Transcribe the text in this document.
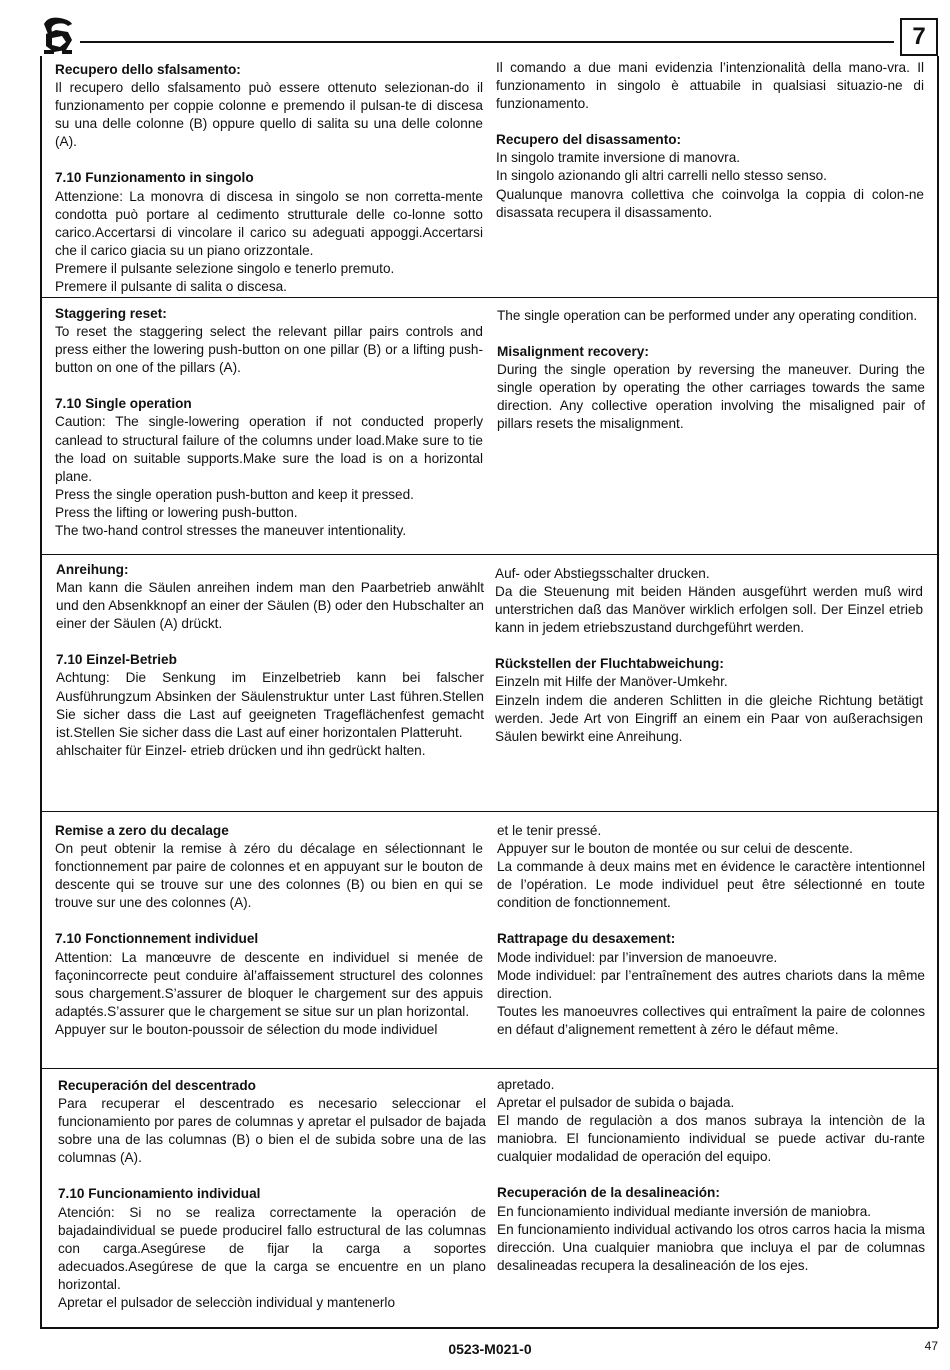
7

Recupero dello sfalsamento:

Il recupero dello sfalsamento può essere ottenuto selezionan-do il funzionamento per coppie colonne e premendo il pulsan-te di discesa su una delle colonne (B) oppure quello di salita su una delle colonne (A).

7.10 Funzionamento in singolo

Attenzione: La monovra di discesa in singolo se non corretta-mente condotta può portare al cedimento strutturale delle co-lonne sotto carico.Accertarsi di vincolare il carico su adeguati appoggi.Accertarsi che il carico giacia su un piano orizzontale.

Premere il pulsante selezione singolo e tenerlo premuto.

Premere il pulsante di salita o discesa.

Il comando a due mani evidenzia l’intenzionalità della mano-vra. Il funzionamento in singolo è attuabile in qualsiasi situazio-ne di funzionamento.

Recupero del disassamento:

In singolo tramite inversione di manovra.

In singolo azionando gli altri carrelli nello stesso senso.

Qualunque manovra collettiva che coinvolga la coppia di colon-ne disassata recupera il disassamento.

Staggering reset:

To reset the staggering select the relevant pillar pairs controls and press either the lowering push-button on one pillar (B) or a lifting push-button on one of the pillars (A).

7.10 Single operation

Caution: The single-lowering operation if not conducted properly canlead to structural failure of the columns under load.Make sure to tie the load on suitable supports.Make sure the load is on a horizontal plane.

Press the single operation push-button and keep it pressed.

Press the lifting or lowering push-button.

The two-hand control stresses the maneuver intentionality.

The single operation can be performed under any operating condition.

Misalignment recovery:

During the single operation by reversing the maneuver. During the single operation by operating the other carriages towards the same direction. Any collective operation involving the misaligned pair of pillars resets the misalignment.

Anreihung:

Man kann die Säulen anreihen indem man den Paarbetrieb anwählt und den Absenkknopf an einer der Säulen (B) oder den Hubschalter an einer der Säulen (A) drückt.

7.10 Einzel-Betrieb

Achtung: Die Senkung im Einzelbetrieb kann bei falscher Ausführungzum Absinken der Säulenstruktur unter Last führen.Stellen Sie sicher dass die Last auf geeigneten Trageflächenfest gemacht ist.Stellen Sie sicher dass die Last auf einer horizontalen Platteruht.

ahlschaiter für Einzel- etrieb drücken und ihn gedrückt halten.

Auf- oder Abstiegsschalter drucken.

Da die Steuenung mit beiden Händen ausgeführt werden muß wird unterstrichen daß das Manöver wirklich erfolgen soll. Der Einzel etrieb kann in jedem etriebszustand durchgeführt werden.

Rückstellen der Fluchtabweichung:

Einzeln mit Hilfe der Manöver-Umkehr.

Einzeln indem die anderen Schlitten in die gleiche Richtung betätigt werden. Jede Art von Eingriff an einem ein Paar von außerachsigen Säulen bewirkt eine Anreihung.

Remise a zero du decalage

On peut obtenir la remise à zéro du décalage en sélectionnant le fonctionnement par paire de colonnes et en appuyant sur le bouton de descente qui se trouve sur une des colonnes (B) ou bien en qui se trouve sur une des colonnes (A).

7.10 Fonctionnement individuel

Attention: La manœuvre de descente en individuel si menée de façonincorrecte peut conduire àl’affaissement structurel des colonnes sous chargement.S’assurer de bloquer le chargement sur des appuis adaptés.S’assurer que le chargement se situe sur un plan horizontal.

Appuyer sur le bouton-poussoir de sélection du mode individuel

et le tenir pressé.

Appuyer sur le bouton de montée ou sur celui de descente.

La commande à deux mains met en évidence le caractère intentionnel de l’opération. Le mode individuel peut être sélectionné en toute condition de fonctionnement.

Rattrapage du desaxement:

Mode individuel: par l’inversion de manoeuvre.

Mode individuel: par l’entraînement des autres chariots dans la même direction.

Toutes les manoeuvres collectives qui entraîment la paire de colonnes en défaut d’alignement remettent à zéro le défaut même.

Recuperación del descentrado

Para recuperar el descentrado es necesario seleccionar el funcionamiento por pares de columnas y apretar el pulsador de bajada sobre una de las columnas (B) o bien el de subida sobre una de las columnas (A).

7.10 Funcionamiento individual

Atención: Si no se realiza correctamente la operación de bajadaindividual se puede producirel fallo estructural de las columnas con carga.Asegúrese de fijar la carga a soportes adecuados.Asegúrese de que la carga se encuentre en un plano horizontal.

Apretar el pulsador de selecciòn individual y mantenerlo

apretado.

Apretar el pulsador de subida o bajada.

El mando de regulaciòn a dos manos subraya la intenciòn de la maniobra. El funcionamiento individual se puede activar du-rante cualquier modalidad de operación del equipo.

Recuperación de la desalineación:

En funcionamiento individual mediante inversión de maniobra.

En funcionamiento individual activando los otros carros hacia la misma dirección. Una cualquier maniobra que incluya el par de columnas desalineadas recupera la desalineación de los ejes.

0523-M021-0	47
